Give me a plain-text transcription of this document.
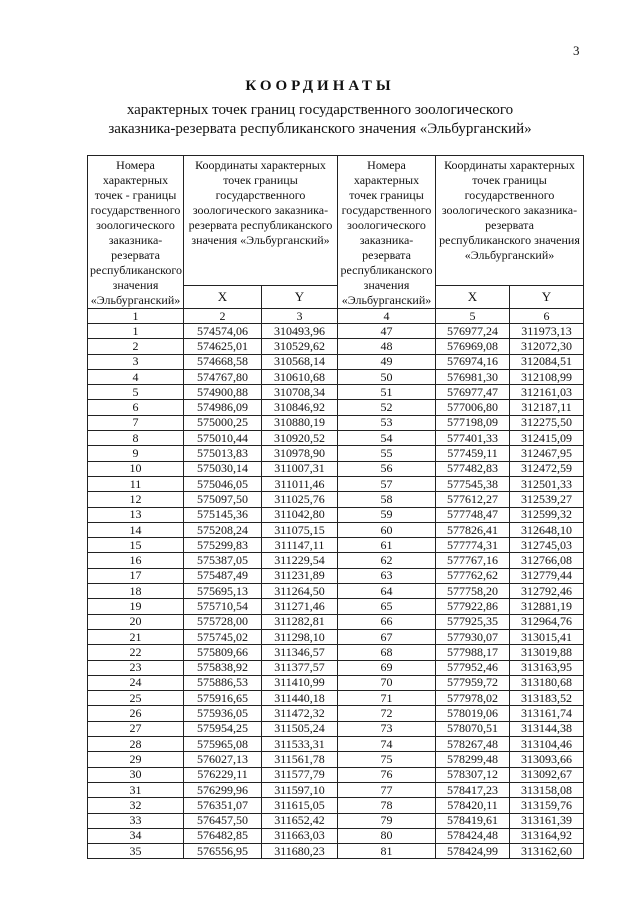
3
КООРДИНАТЫ
характерных точек границ государственного зоологического
заказника-резервата республиканского значения «Эльбурганский»
Номера характерных точек - границы государственного зоологического заказника-резервата республиканского значения «Эльбурганский»	Координаты характерных точек границы государственного зоологического заказника-резервата республиканского значения «Эльбурганский»		Номера характерных точек границы государственного зоологического заказника-резервата республиканского значения «Эльбурганский»	Координаты характерных точек границы государственного зоологического заказника-резервата республиканского значения «Эльбурганский»	
	X	Y		X	Y
1	2	3	4	5	6
1	574574,06	310493,96	47	576977,24	311973,13
2	574625,01	310529,62	48	576969,08	312072,30
3	574668,58	310568,14	49	576974,16	312084,51
4	574767,80	310610,68	50	576981,30	312108,99
5	574900,88	310708,34	51	576977,47	312161,03
6	574986,09	310846,92	52	577006,80	312187,11
7	575000,25	310880,19	53	577198,09	312275,50
8	575010,44	310920,52	54	577401,33	312415,09
9	575013,83	310978,90	55	577459,11	312467,95
10	575030,14	311007,31	56	577482,83	312472,59
11	575046,05	311011,46	57	577545,38	312501,33
12	575097,50	311025,76	58	577612,27	312539,27
13	575145,36	311042,80	59	577748,47	312599,32
14	575208,24	311075,15	60	577826,41	312648,10
15	575299,83	311147,11	61	577774,31	312745,03
16	575387,05	311229,54	62	577767,16	312766,08
17	575487,49	311231,89	63	577762,62	312779,44
18	575695,13	311264,50	64	577758,20	312792,46
19	575710,54	311271,46	65	577922,86	312881,19
20	575728,00	311282,81	66	577925,35	312964,76
21	575745,02	311298,10	67	577930,07	313015,41
22	575809,66	311346,57	68	577988,17	313019,88
23	575838,92	311377,57	69	577952,46	313163,95
24	575886,53	311410,99	70	577959,72	313180,68
25	575916,65	311440,18	71	577978,02	313183,52
26	575936,05	311472,32	72	578019,06	313161,74
27	575954,25	311505,24	73	578070,51	313144,38
28	575965,08	311533,31	74	578267,48	313104,46
29	576027,13	311561,78	75	578299,48	313093,66
30	576229,11	311577,79	76	578307,12	313092,67
31	576299,96	311597,10	77	578417,23	313158,08
32	576351,07	311615,05	78	578420,11	313159,76
33	576457,50	311652,42	79	578419,61	313161,39
34	576482,85	311663,03	80	578424,48	313164,92
35	576556,95	311680,23	81	578424,99	313162,60
